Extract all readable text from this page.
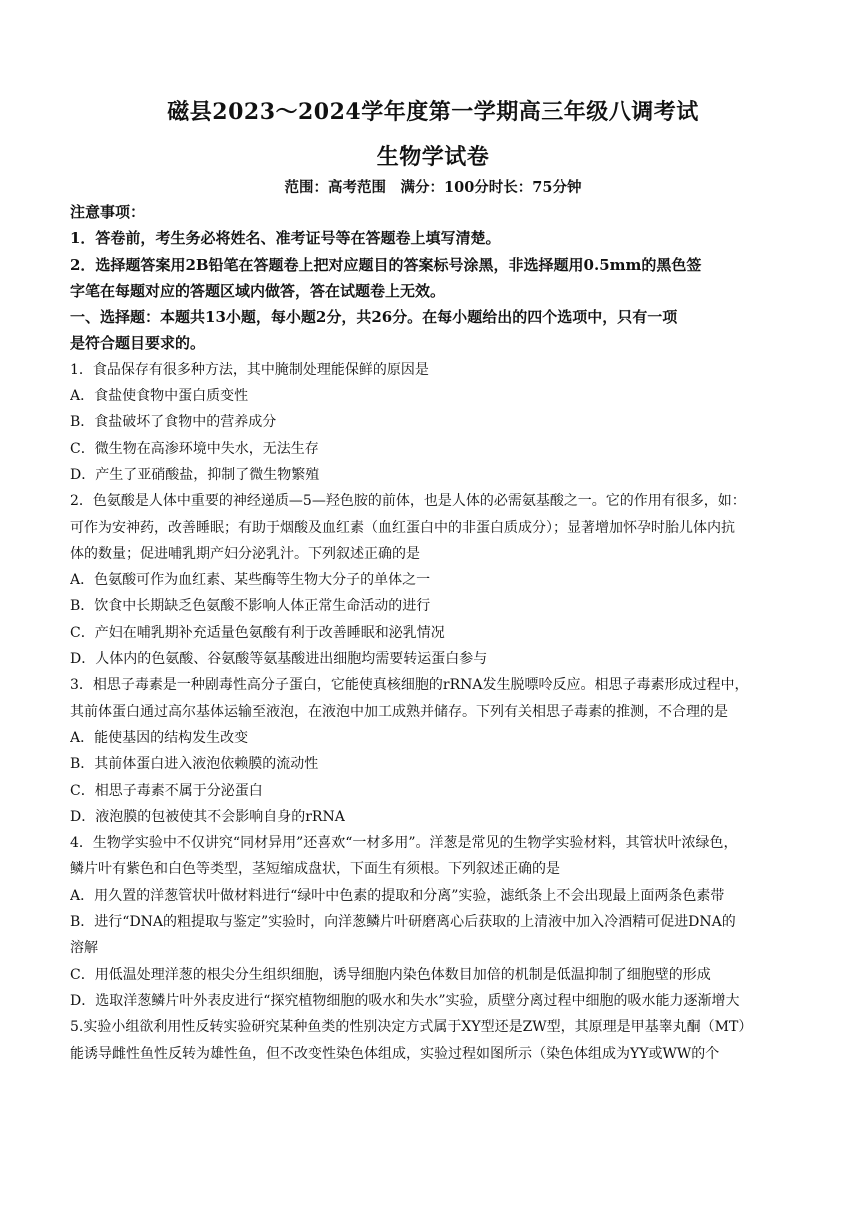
磁县2023～2024学年度第一学期高三年级八调考试
生物学试卷
范围：高考范围　满分：100分时长：75分钟
注意事项：
1．答卷前，考生务必将姓名、准考证号等在答题卷上填写清楚。
2．选择题答案用2B铅笔在答题卷上把对应题目的答案标号涂黑，非选择题用0.5mm的黑色签
字笔在每题对应的答题区域内做答，答在试题卷上无效。
一、选择题：本题共13小题，每小题2分，共26分。在每小题给出的四个选项中，只有一项
是符合题目要求的。
1．食品保存有很多种方法，其中腌制处理能保鲜的原因是
A．食盐使食物中蛋白质变性
B．食盐破坏了食物中的营养成分
C．微生物在高渗环境中失水，无法生存
D．产生了亚硝酸盐，抑制了微生物繁殖
2．色氨酸是人体中重要的神经递质—5—羟色胺的前体，也是人体的必需氨基酸之一。它的作用有很多，如：
可作为安神药，改善睡眠；有助于烟酸及血红素（血红蛋白中的非蛋白质成分）；显著增加怀孕时胎儿体内抗
体的数量；促进哺乳期产妇分泌乳汁。下列叙述正确的是
A．色氨酸可作为血红素、某些酶等生物大分子的单体之一
B．饮食中长期缺乏色氨酸不影响人体正常生命活动的进行
C．产妇在哺乳期补充适量色氨酸有利于改善睡眠和泌乳情况
D．人体内的色氨酸、谷氨酸等氨基酸进出细胞均需要转运蛋白参与
3．相思子毒素是一种剧毒性高分子蛋白，它能使真核细胞的rRNA发生脱嘌呤反应。相思子毒素形成过程中，
其前体蛋白通过高尔基体运输至液泡，在液泡中加工成熟并储存。下列有关相思子毒素的推测，不合理的是
A．能使基因的结构发生改变
B．其前体蛋白进入液泡依赖膜的流动性
C．相思子毒素不属于分泌蛋白
D．液泡膜的包被使其不会影响自身的rRNA
4．生物学实验中不仅讲究“同材异用”还喜欢“一材多用”。洋葱是常见的生物学实验材料，其管状叶浓绿色，
鳞片叶有紫色和白色等类型，茎短缩成盘状，下面生有须根。下列叙述正确的是
A．用久置的洋葱管状叶做材料进行“绿叶中色素的提取和分离”实验，滤纸条上不会出现最上面两条色素带
B．进行“DNA的粗提取与鉴定”实验时，向洋葱鳞片叶研磨离心后获取的上清液中加入冷酒精可促进DNA的
溶解
C．用低温处理洋葱的根尖分生组织细胞，诱导细胞内染色体数目加倍的机制是低温抑制了细胞壁的形成
D．选取洋葱鳞片叶外表皮进行“探究植物细胞的吸水和失水”实验，质壁分离过程中细胞的吸水能力逐渐增大
5.实验小组欲利用性反转实验研究某种鱼类的性别决定方式属于XY型还是ZW型，其原理是甲基睾丸酮（MT）
能诱导雌性鱼性反转为雄性鱼，但不改变性染色体组成，实验过程如图所示（染色体组成为YY或WW的个
